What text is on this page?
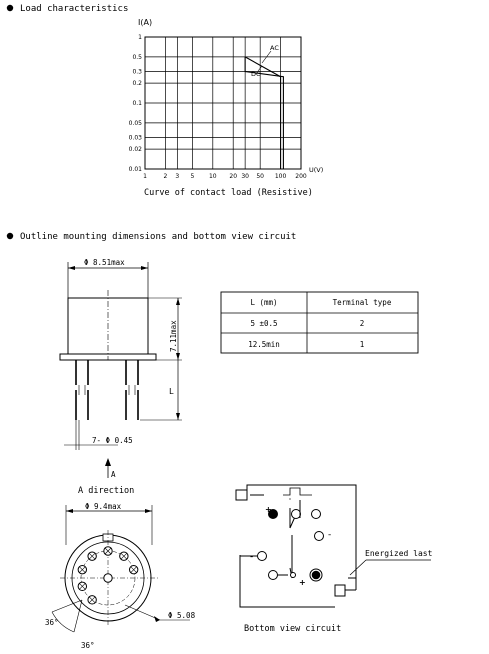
Load characteristics
Outline mounting dimensions and bottom view circuit
1
0.5
0.3
0.2
0.1
0.05
0.03
0.02
0.01
1	2 3 5 10 20 30 50 100 200
I(A)
U(V)
AC
DC
Curve of contact load (Resistive)
Φ 8.51max
7.11max
L
7- Φ 0.45
A
A direction
L (mm)	Terminal type
5 ±0.5	2
12.5min	1
Φ 9.4max
Φ 5.08
36°
36°
+
-
+
-	Energized last
Bottom view circuit
